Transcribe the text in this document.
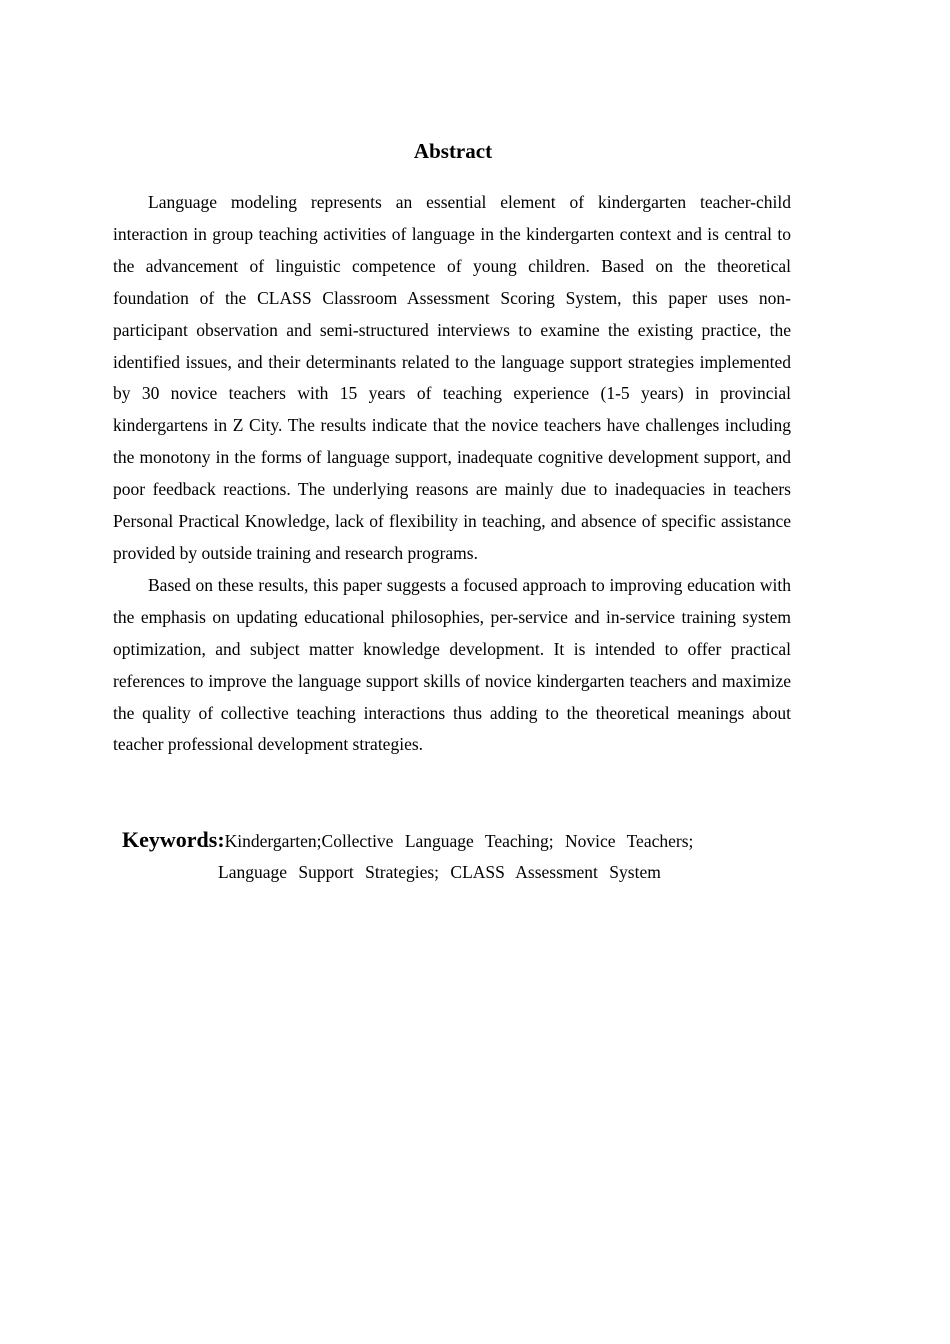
Abstract

Language modeling represents an essential element of kindergarten teacher-child interaction in group teaching activities of language in the kindergarten context and is central to the advancement of linguistic competence of young children. Based on the theoretical foundation of the CLASS Classroom Assessment Scoring System, this paper uses non-participant observation and semi-structured interviews to examine the existing practice, the identified issues, and their determinants related to the language support strategies implemented by 30 novice teachers with 15 years of teaching experience (1-5 years) in provincial kindergartens in Z City. The results indicate that the novice teachers have challenges including the monotony in the forms of language support, inadequate cognitive development support, and poor feedback reactions. The underlying reasons are mainly due to inadequacies in teachers Personal Practical Knowledge, lack of flexibility in teaching, and absence of specific assistance provided by outside training and research programs.

Based on these results, this paper suggests a focused approach to improving education with the emphasis on updating educational philosophies, per-service and in-service training system optimization, and subject matter knowledge development. It is intended to offer practical references to improve the language support skills of novice kindergarten teachers and maximize the quality of collective teaching interactions thus adding to the theoretical meanings about teacher professional development strategies.

Keywords:Kindergarten;Collective Language Teaching; Novice Teachers;
Language Support Strategies; CLASS Assessment System
